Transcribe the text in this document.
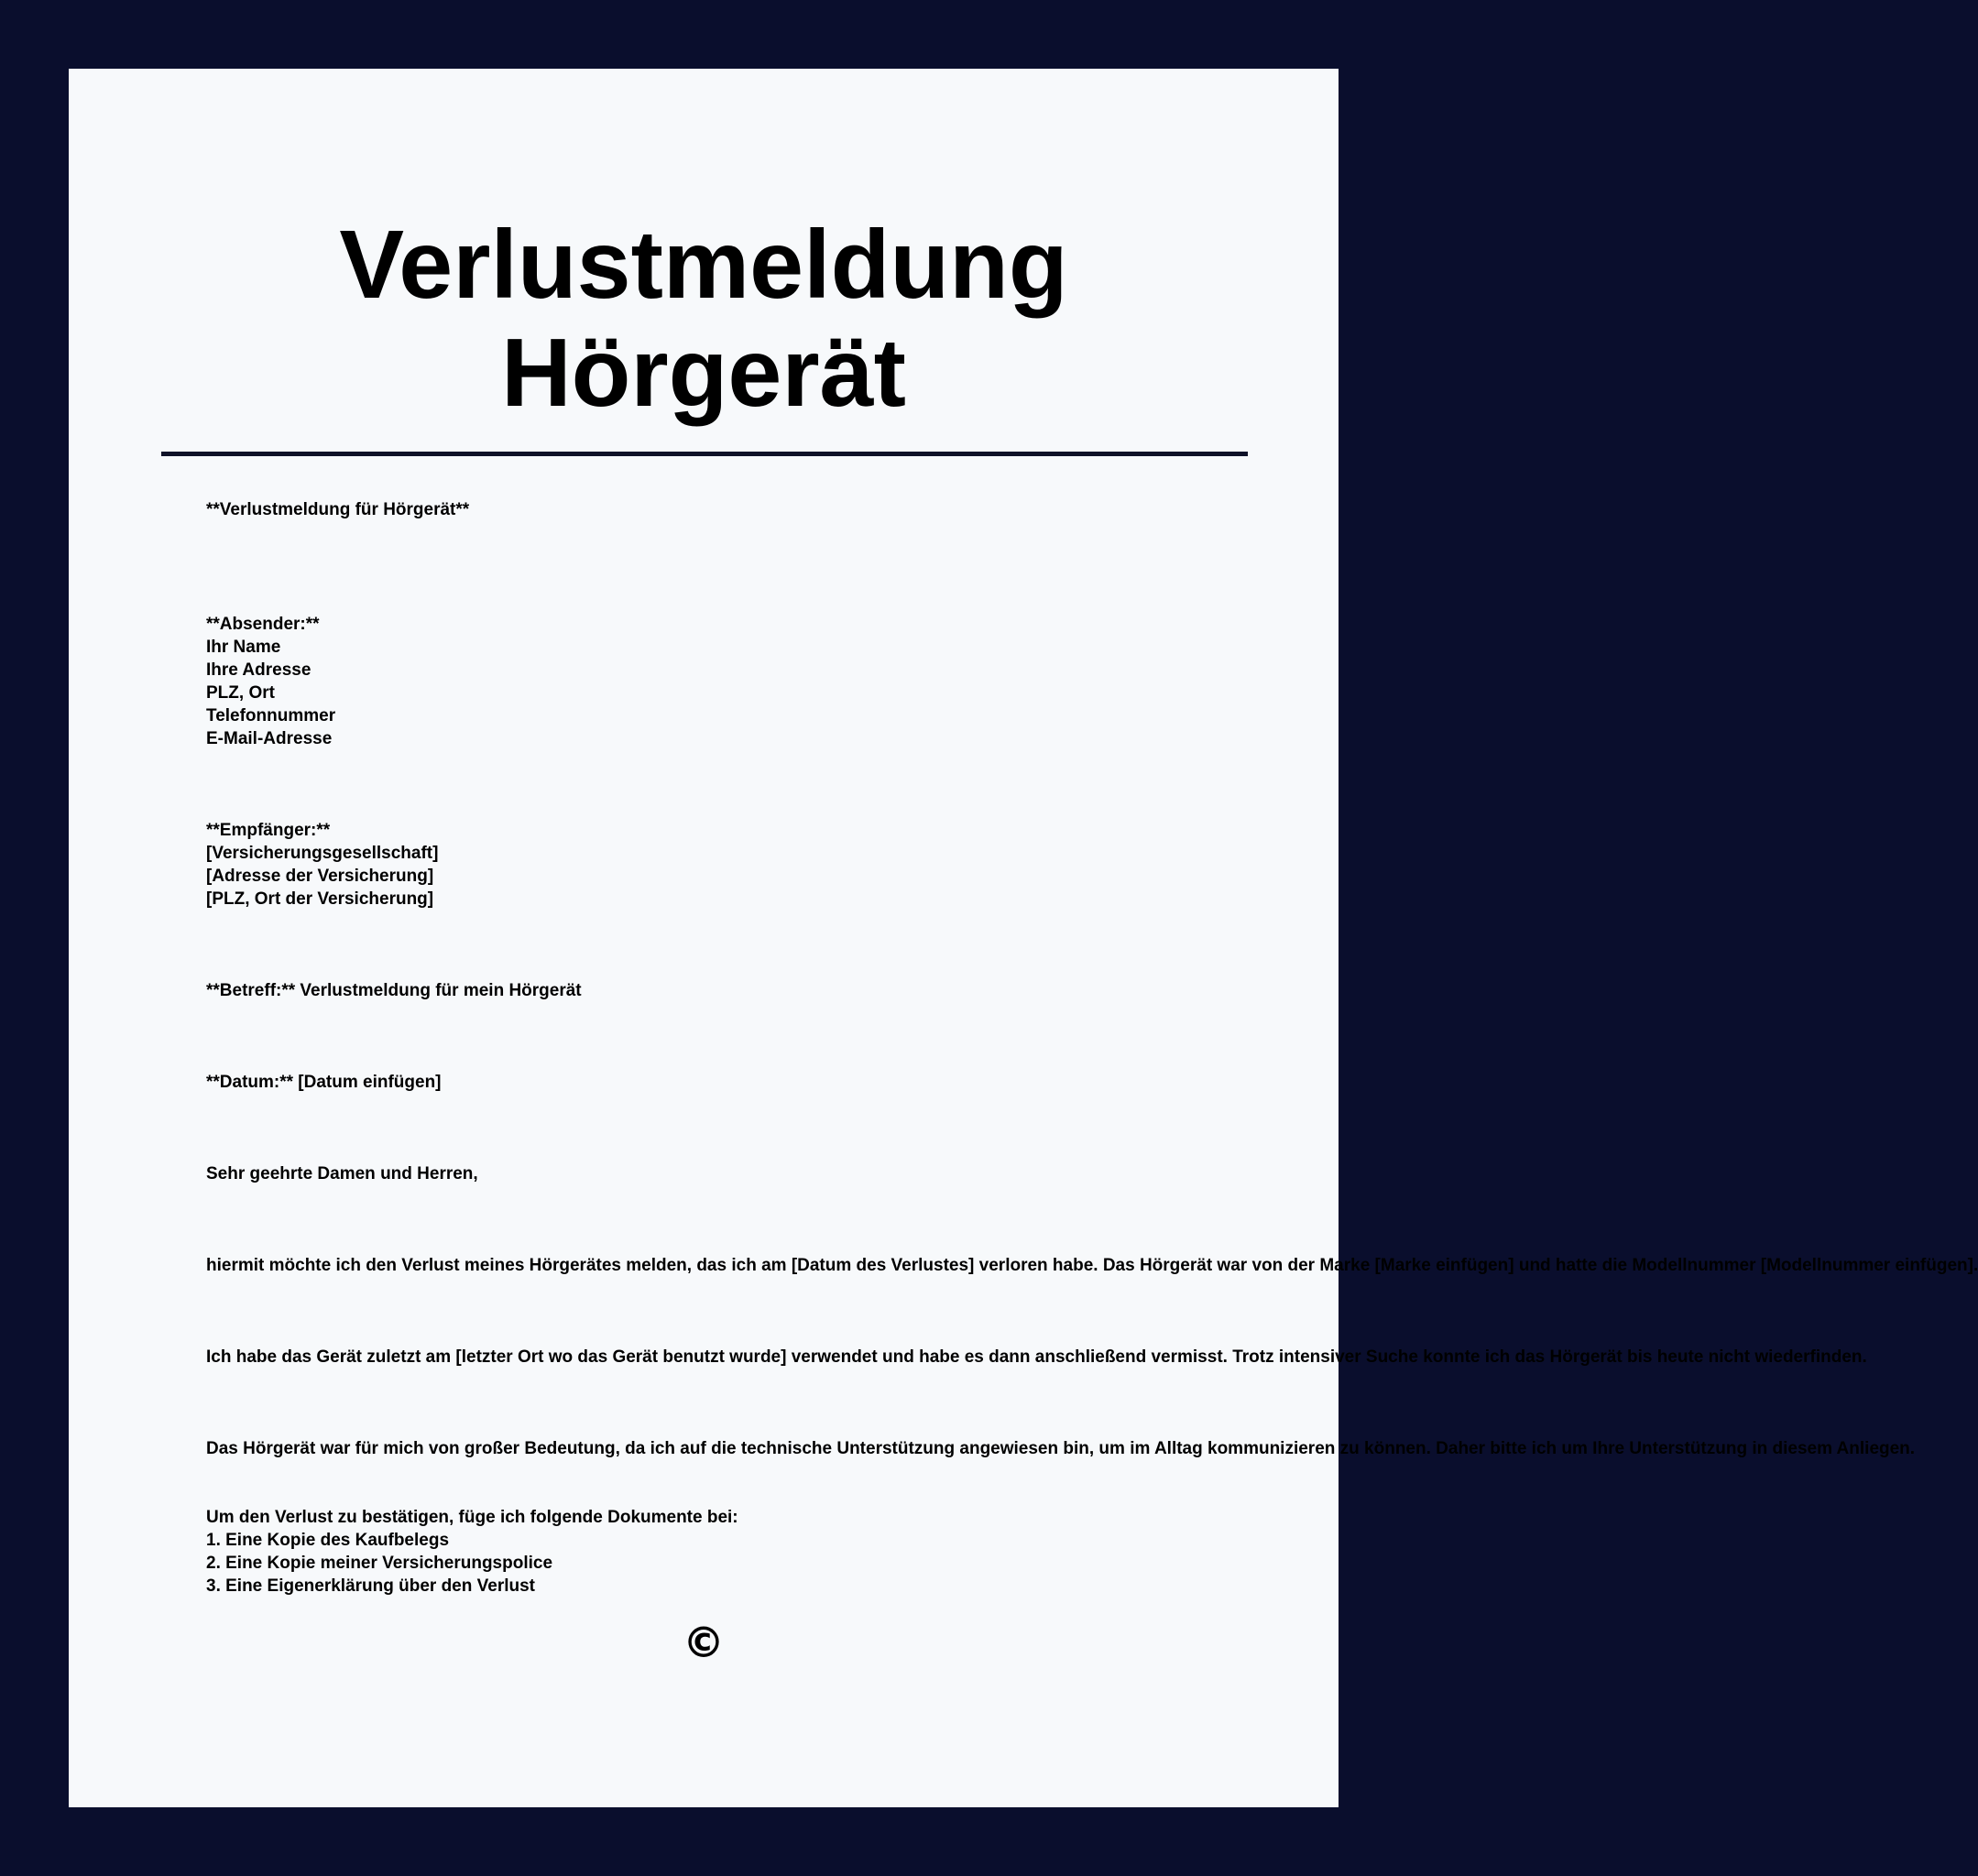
Verlustmeldung
Hörgerät
**Verlustmeldung für Hörgerät**
**Absender:**
Ihr Name
Ihre Adresse
PLZ, Ort
Telefonnummer
E-Mail-Adresse
**Empfänger:**
[Versicherungsgesellschaft]
[Adresse der Versicherung]
[PLZ, Ort der Versicherung]
**Betreff:** Verlustmeldung für mein Hörgerät
**Datum:** [Datum einfügen]
Sehr geehrte Damen und Herren,
hiermit möchte ich den Verlust meines Hörgerätes melden, das ich am [Datum des Verlustes] verloren habe. Das Hörgerät war von der Marke [Marke einfügen] und hatte die Modellnummer [Modellnummer einfügen].
Ich habe das Gerät zuletzt am [letzter Ort wo das Gerät benutzt wurde] verwendet und habe es dann anschließend vermisst. Trotz intensiver Suche konnte ich das Hörgerät bis heute nicht wiederfinden.
Das Hörgerät war für mich von großer Bedeutung, da ich auf die technische Unterstützung angewiesen bin, um im Alltag kommunizieren zu können. Daher bitte ich um Ihre Unterstützung in diesem Anliegen.
Um den Verlust zu bestätigen, füge ich folgende Dokumente bei:
1. Eine Kopie des Kaufbelegs
2. Eine Kopie meiner Versicherungspolice
3. Eine Eigenerklärung über den Verlust
©
